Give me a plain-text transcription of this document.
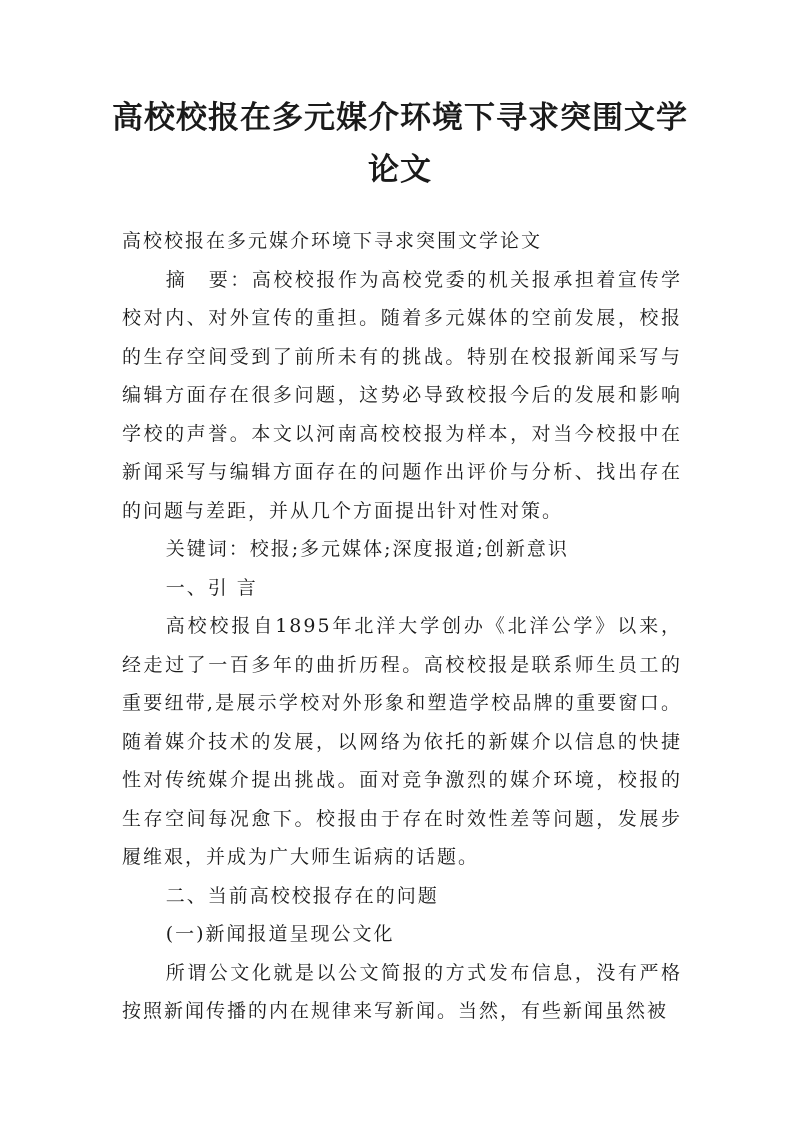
高校校报在多元媒介环境下寻求突围文学论文

高校校报在多元媒介环境下寻求突围文学论文

摘　要：高校校报作为高校党委的机关报承担着宣传学校对内、对外宣传的重担。随着多元媒体的空前发展，校报的生存空间受到了前所未有的挑战。特别在校报新闻采写与编辑方面存在很多问题，这势必导致校报今后的发展和影响学校的声誉。本文以河南高校校报为样本，对当今校报中在新闻采写与编辑方面存在的问题作出评价与分析、找出存在的问题与差距，并从几个方面提出针对性对策。

关键词：校报;多元媒体;深度报道;创新意识

一、引 言

高校校报自1895年北洋大学创办《北洋公学》以来，经走过了一百多年的曲折历程。高校校报是联系师生员工的重要纽带,是展示学校对外形象和塑造学校品牌的重要窗口。随着媒介技术的发展，以网络为依托的新媒介以信息的快捷性对传统媒介提出挑战。面对竞争激烈的媒介环境，校报的生存空间每况愈下。校报由于存在时效性差等问题，发展步履维艰，并成为广大师生诟病的话题。

二、当前高校校报存在的问题

(一)新闻报道呈现公文化

所谓公文化就是以公文简报的方式发布信息，没有严格按照新闻传播的内在规律来写新闻。当然，有些新闻虽然被
